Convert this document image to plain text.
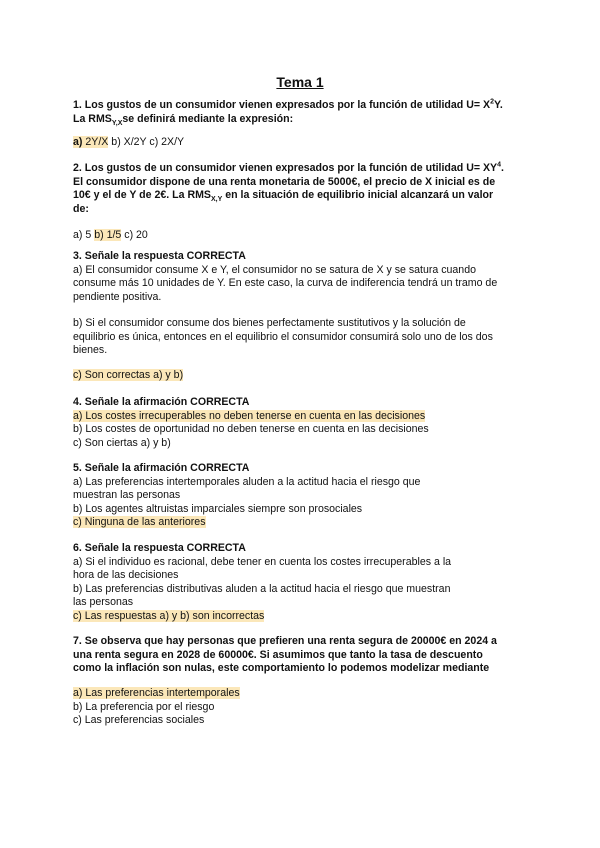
Tema 1
1. Los gustos de un consumidor vienen expresados por la función de utilidad $U= X^2Y$.
La $RMS_{Y,X}se$ definirá mediante la expresión:
a) 2Y/X b) X/2Y c) 2X/Y
2. Los gustos de un consumidor vienen expresados por la función de utilidad $U= XY^4$.
El consumidor dispone de una renta monetaria de 5000€, el precio de X inicial es de
10€ y el de Y de 2€. La $RMS_{X,Y}$ en la situación de equilibrio inicial alcanzará un valor
de:
a) 5 b) 1/5 c) 20
3. Señale la respuesta CORRECTA
a) El consumidor consume X e Y, el consumidor no se satura de X y se satura cuando
consume más 10 unidades de Y. En este caso, la curva de indiferencia tendrá un tramo de
pendiente positiva.
b) Si el consumidor consume dos bienes perfectamente sustitutivos y la solución de
equilibrio es única, entonces en el equilibrio el consumidor consumirá solo uno de los dos
bienes.
c) Son correctas a) y b)
4. Señale la afirmación CORRECTA
a) Los costes irrecuperables no deben tenerse en cuenta en las decisiones
b) Los costes de oportunidad no deben tenerse en cuenta en las decisiones
c) Son ciertas a) y b)
5. Señale la afirmación CORRECTA
a) Las preferencias intertemporales aluden a la actitud hacia el riesgo que
muestran las personas
b) Los agentes altruistas imparciales siempre son prosociales
c) Ninguna de las anteriores
6. Señale la respuesta CORRECTA
a) Si el individuo es racional, debe tener en cuenta los costes irrecuperables a la
hora de las decisiones
b) Las preferencias distributivas aluden a la actitud hacia el riesgo que muestran
las personas
c) Las respuestas a) y b) son incorrectas
7. Se observa que hay personas que prefieren una renta segura de 20000€ en 2024 a
una renta segura en 2028 de 60000€. Si asumimos que tanto la tasa de descuento
como la inflación son nulas, este comportamiento lo podemos modelizar mediante
a) Las preferencias intertemporales
b) La preferencia por el riesgo
c) Las preferencias sociales
